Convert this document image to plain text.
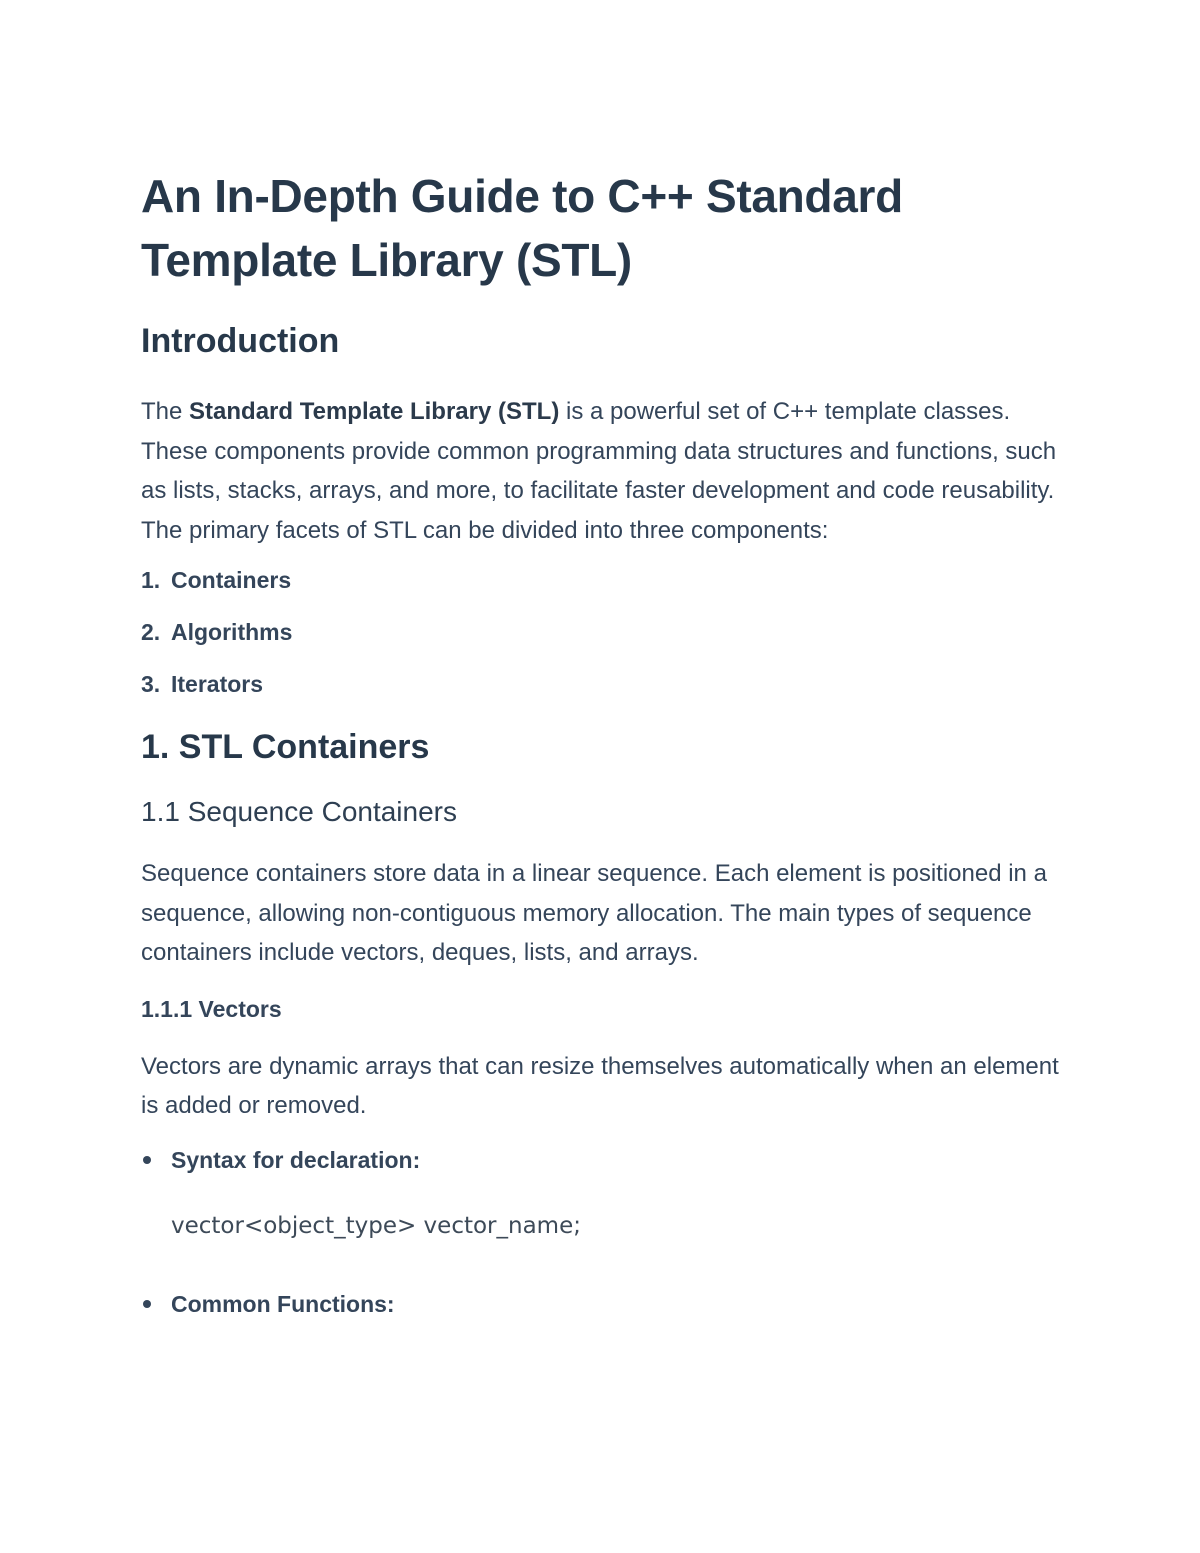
An In-Depth Guide to C++ Standard Template Library (STL)
Introduction

The Standard Template Library (STL) is a powerful set of C++ template classes. These components provide common programming data structures and functions, such as lists, stacks, arrays, and more, to facilitate faster development and code reusability. The primary facets of STL can be divided into three components:

1. Containers
2. Algorithms
3. Iterators
1. STL Containers
1.1 Sequence Containers

Sequence containers store data in a linear sequence. Each element is positioned in a sequence, allowing non-contiguous memory allocation. The main types of sequence containers include vectors, deques, lists, and arrays.

1.1.1 Vectors

Vectors are dynamic arrays that can resize themselves automatically when an element is added or removed.

Syntax for declaration:
vector<object_type> vector_name;
Common Functions:
